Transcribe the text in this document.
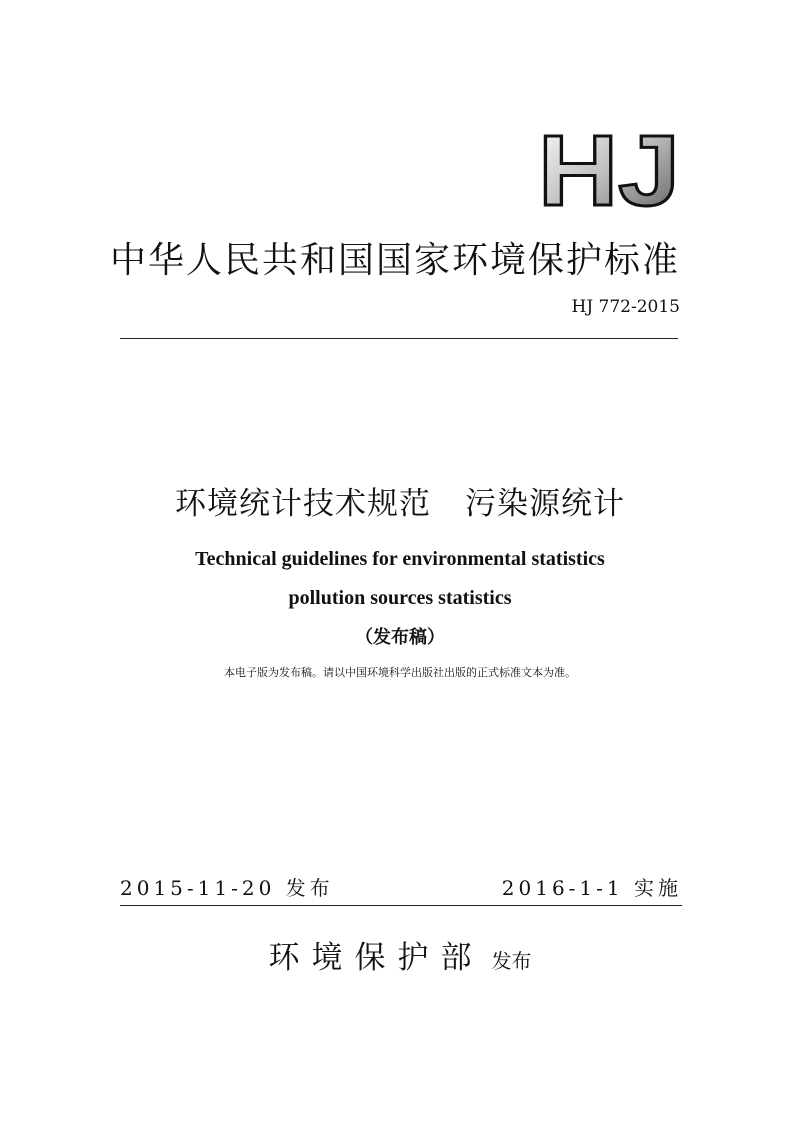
HJ
中华人民共和国国家环境保护标准
HJ 772-2015
环境统计技术规范 污染源统计
Technical guidelines for environmental statistics
pollution sources statistics
（发布稿）
本电子版为发布稿。请以中国环境科学出版社出版的正式标准文本为准。
2015-11-20 发布	2016-1-1 实施
环境保护部 发布
